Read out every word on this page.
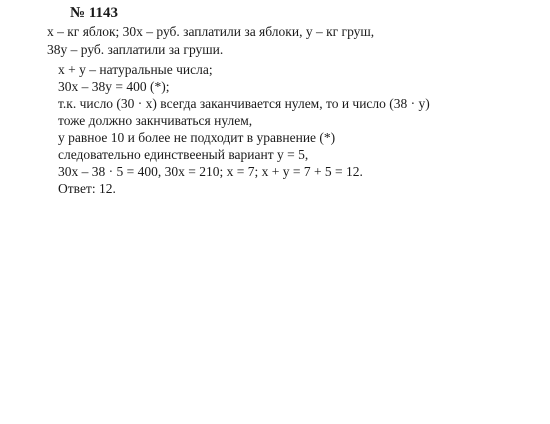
№ 1143
x – кг яблок; 30x – руб. заплатили за яблоки, y – кг груш,
38y – руб. заплатили за груши.
x + y – натуральные числа;
30x – 38y = 400 (*);
т.к. число (30 · x) всегда заканчивается нулем, то и число (38 · y)
тоже должно закнчиваться нулем,
y равное 10 и более не подходит в уравнение (*)
следовательно единствееный вариант y = 5,
30x – 38 · 5 = 400, 30x = 210; x = 7; x + y = 7 + 5 = 12.
Ответ: 12.
